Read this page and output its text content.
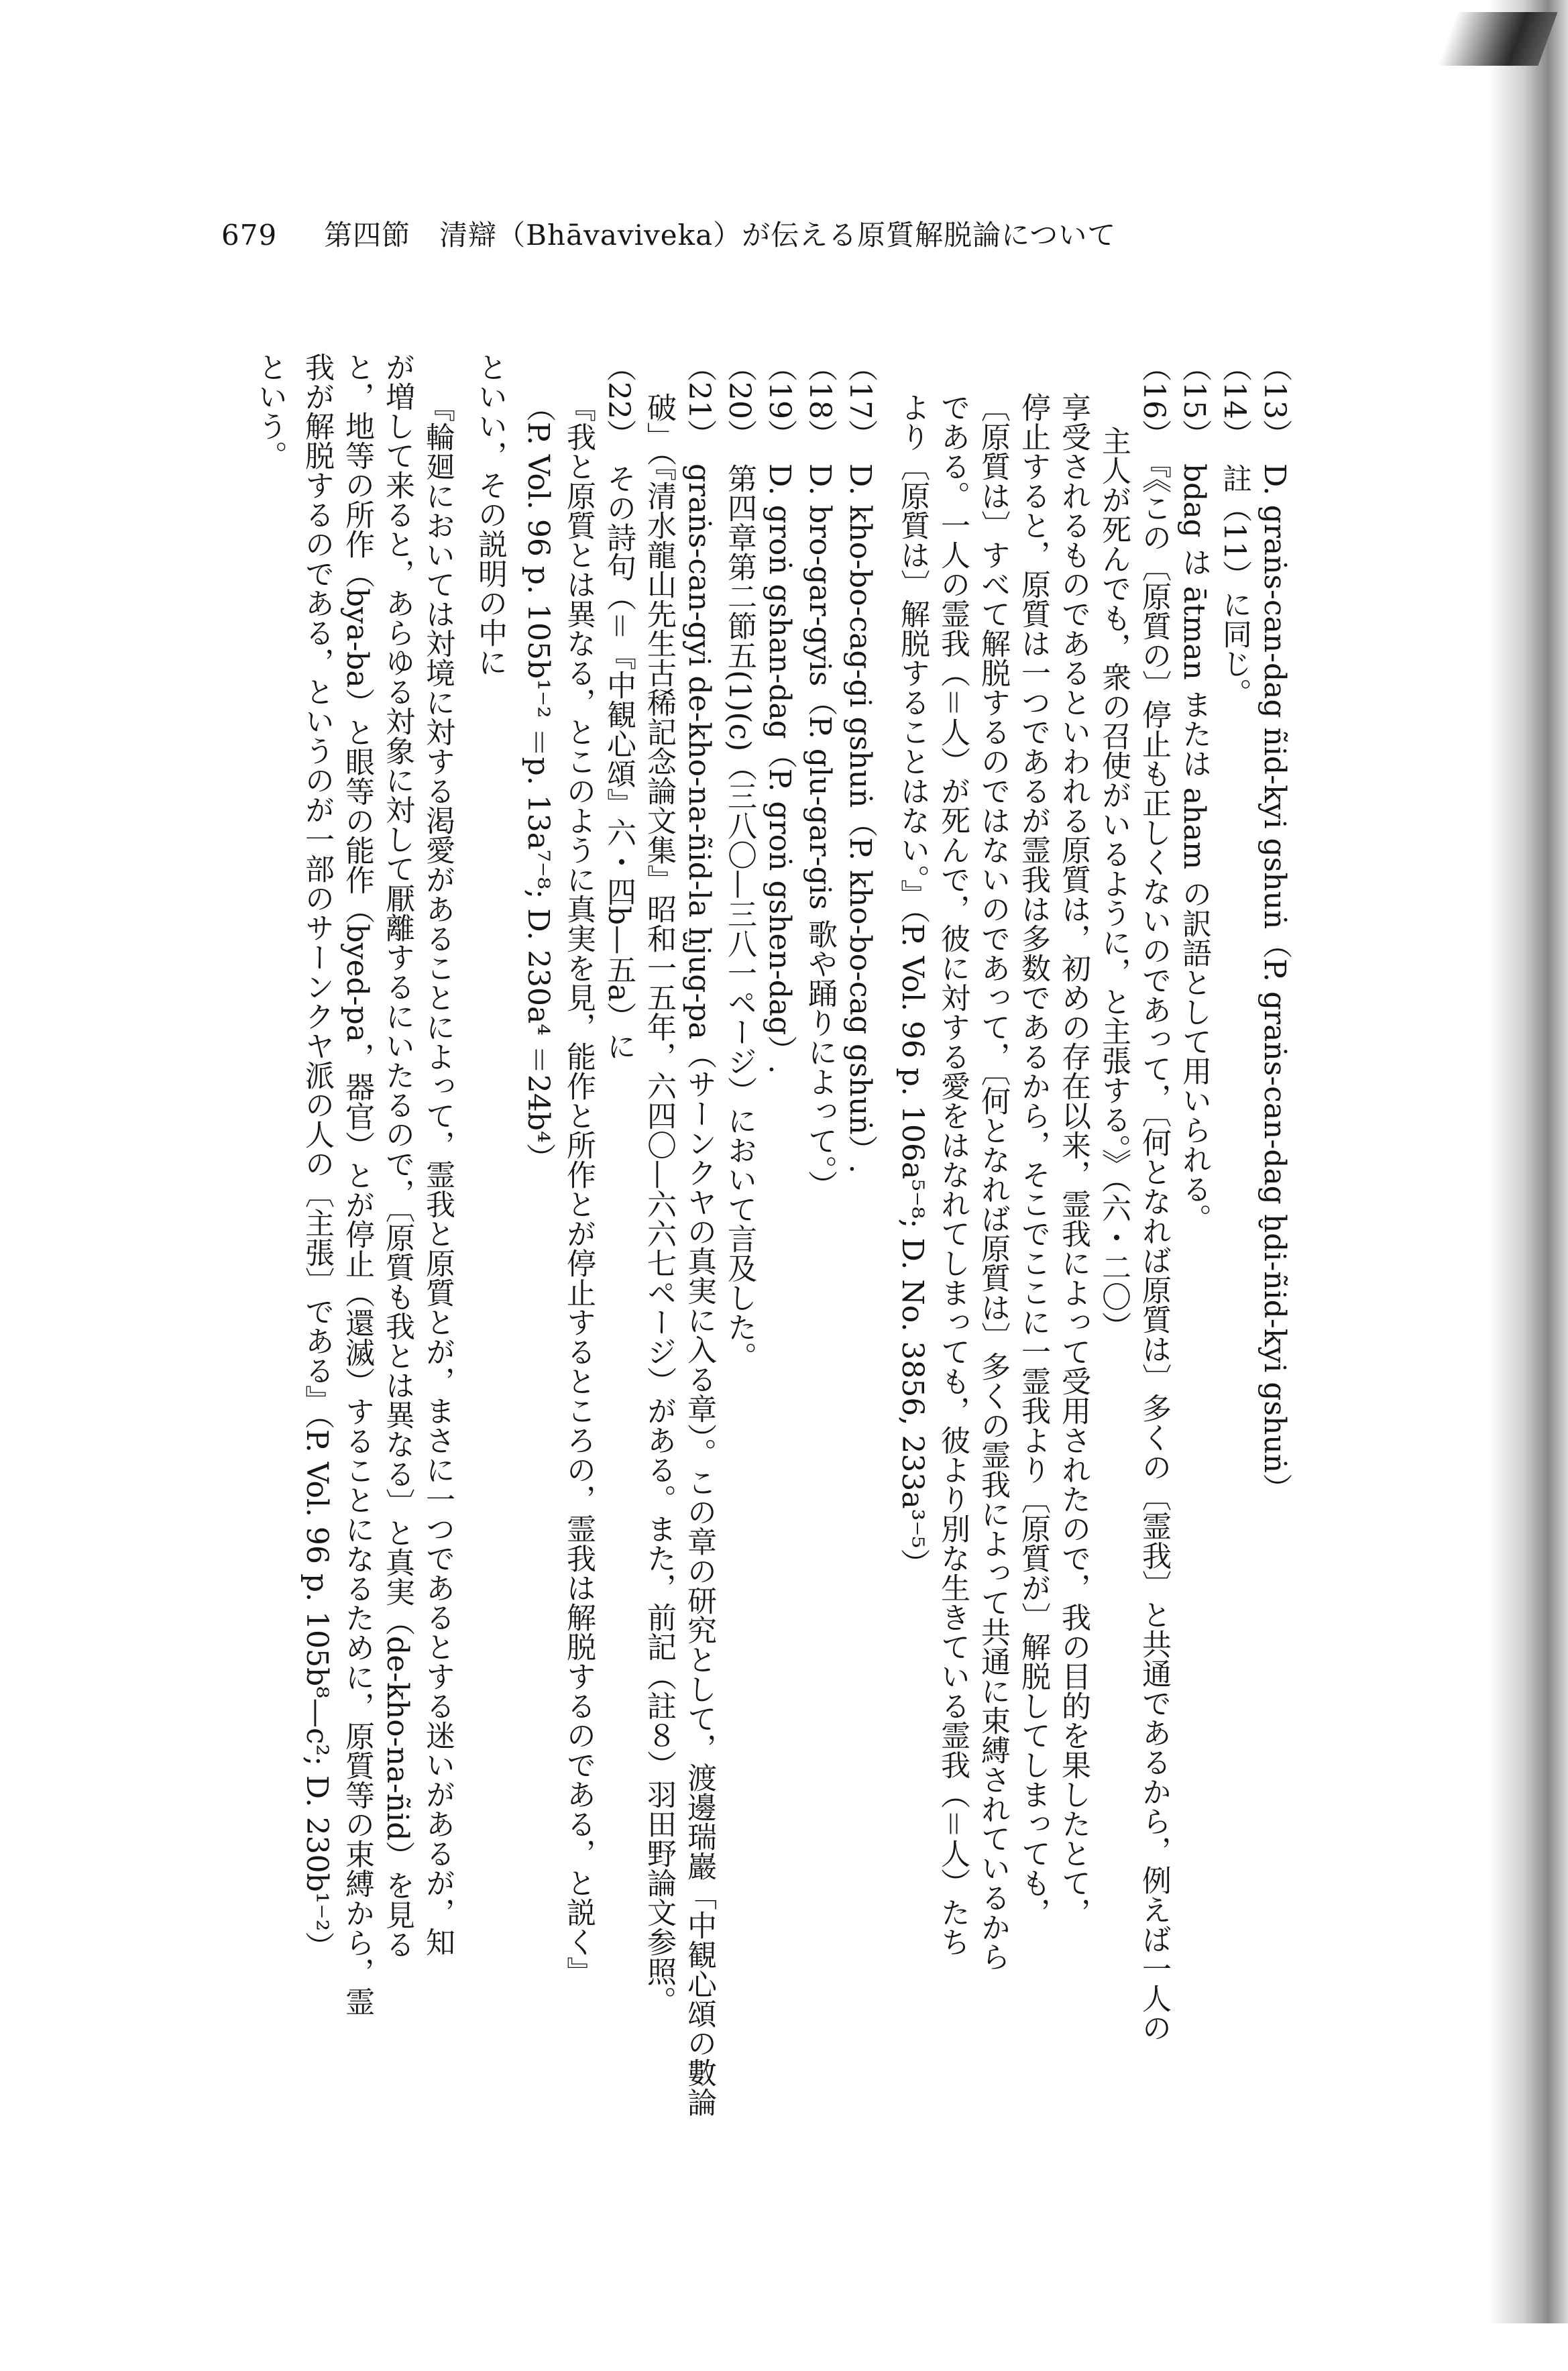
679 第四節　清辯（Bhāvaviveka）が伝える原質解脱論について
（13）　D. graṅs-can-dag ñid-kyi gshuṅ（P. graṅs-can-dag ḫdi-ñid-kyi gshuṅ）
（14）　註（11）に同じ。
（15）　bdag は ātman または aham の訳語として用いられる。
（16）　『《この〔原質の〕停止も正しくないのであって，〔何となれば原質は〕多くの〔霊我〕と共通であるから，例えば一人の
主人が死んでも，衆の召使がいるように，と主張する。》（六・二〇）
享受されるものであるといわれる原質は，初めの存在以来，霊我によって受用されたので，我の目的を果したとて，
停止すると，原質は一つであるが霊我は多数であるから，そこでここに一霊我より〔原質が〕解脱してしまっても，
〔原質は〕すべて解脱するのではないのであって，〔何となれば原質は〕多くの霊我によって共通に束縛されているから
である。一人の霊我（＝人）が死んで，彼に対する愛をはなれてしまっても，彼より別な生きている霊我（＝人）たち
より〔原質は〕解脱することはない。』（P. Vol. 96 p. 106a⁵⁻⁸; D. No. 3856, 233a³⁻⁵）
（17）　D. kho-bo-cag-gi gshuṅ（P. kho-bo-cag gshuṅ）.
（18）　D. bro-gar-gyis（P. glu-gar-gis 歌や踊りによって。）
（19）　D. groṅ gshan-dag（P. groṅ gshen-dag）.
（20）　第四章第二節五(1)(c)（三八〇—三八一ページ）において言及した。
（21）　graṅs-can-gyi de-kho-na-ñid-la ḫjug-pa（サーンクヤの真実に入る章）。この章の研究として，渡邊瑞巖「中観心頌の數論
破」（『清水龍山先生古稀記念論文集』昭和一五年，六四〇—六六七ページ）がある。また，前記（註８）羽田野論文参照。
（22）　その詩句（＝『中観心頌』六・四b—五a）に
『我と原質とは異なる，とこのように真実を見，能作と所作とが停止するところの，霊我は解脱するのである，と説く』
（P. Vol. 96 p. 105b¹⁻² ＝p. 13a⁷⁻⁸; D. 230a⁴ ＝24b⁴）
といい，その説明の中に
『輪廻においては対境に対する渇愛があることによって，霊我と原質とが，まさに一つであるとする迷いがあるが，知
が増して来ると，あらゆる対象に対して厭離するにいたるので，〔原質も我とは異なる〕と真実（de-kho-na-ñid）を見る
と，地等の所作（bya-ba）と眼等の能作（byed-pa，器官）とが停止（還滅）することになるために，原質等の束縛から，霊
我が解脱するのである，というのが一部のサーンクヤ派の人の〔主張〕である』（P. Vol. 96 p. 105b⁸—c²; D. 230b¹⁻²）
という。
